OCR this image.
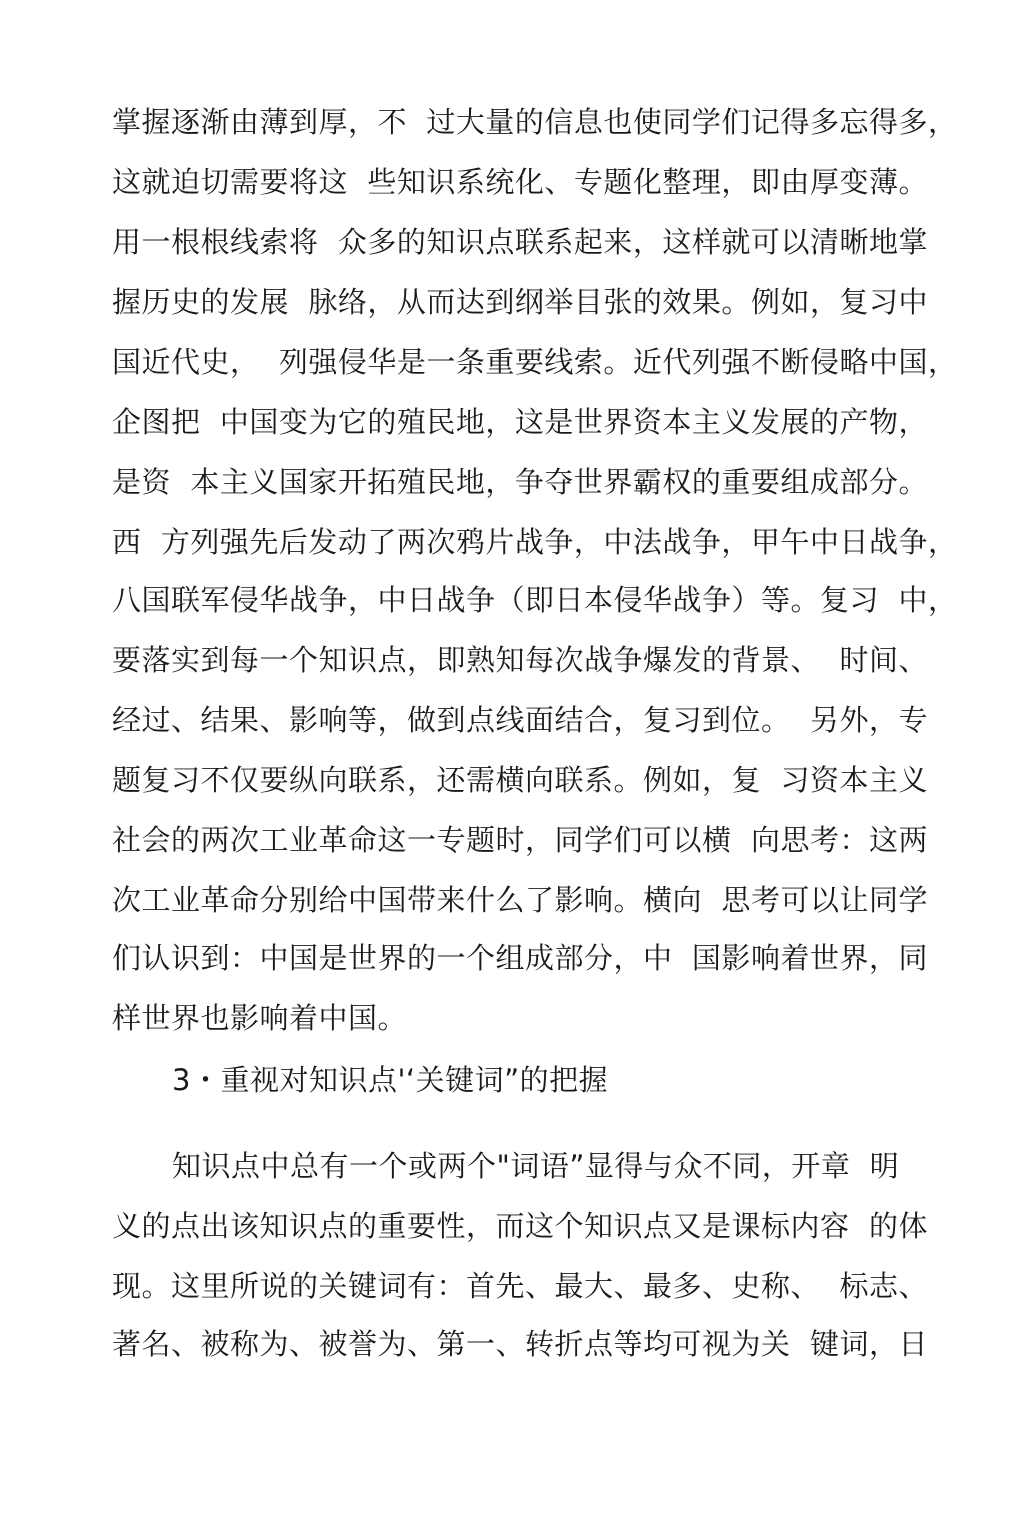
掌握逐渐由薄到厚，不  过大量的信息也使同学们记得多忘得多，
这就迫切需要将这  些知识系统化、专题化整理，即由厚变薄。
用一根根线索将  众多的知识点联系起来，这样就可以清晰地掌
握历史的发展  脉络，从而达到纲举目张的效果。例如，复习中
国近代史，  列强侵华是一条重要线索。近代列强不断侵略中国，
企图把  中国变为它的殖民地，这是世界资本主义发展的产物，
是资  本主义国家开拓殖民地，争夺世界霸权的重要组成部分。
西  方列强先后发动了两次鸦片战争，中法战争，甲午中日战争，
八国联军侵华战争，中日战争（即日本侵华战争）等。复习  中，
要落实到每一个知识点，即熟知每次战争爆发的背景、  时间、
经过、结果、影响等，做到点线面结合，复习到位。  另外，专
题复习不仅要纵向联系，还需横向联系。例如，复  习资本主义
社会的两次工业革命这一专题时，同学们可以横  向思考：这两
次工业革命分别给中国带来什么了影响。横向  思考可以让同学
们认识到：中国是世界的一个组成部分，中  国影响着世界，同
样世界也影响着中国。
3・重视对知识点'‘关键词”的把握
知识点中总有一个或两个"词语”显得与众不同，开章  明
义的点出该知识点的重要性，而这个知识点又是课标内容  的体
现。这里所说的关键词有：首先、最大、最多、史称、  标志、
著名、被称为、被誉为、第一、转折点等均可视为关  键词，日
